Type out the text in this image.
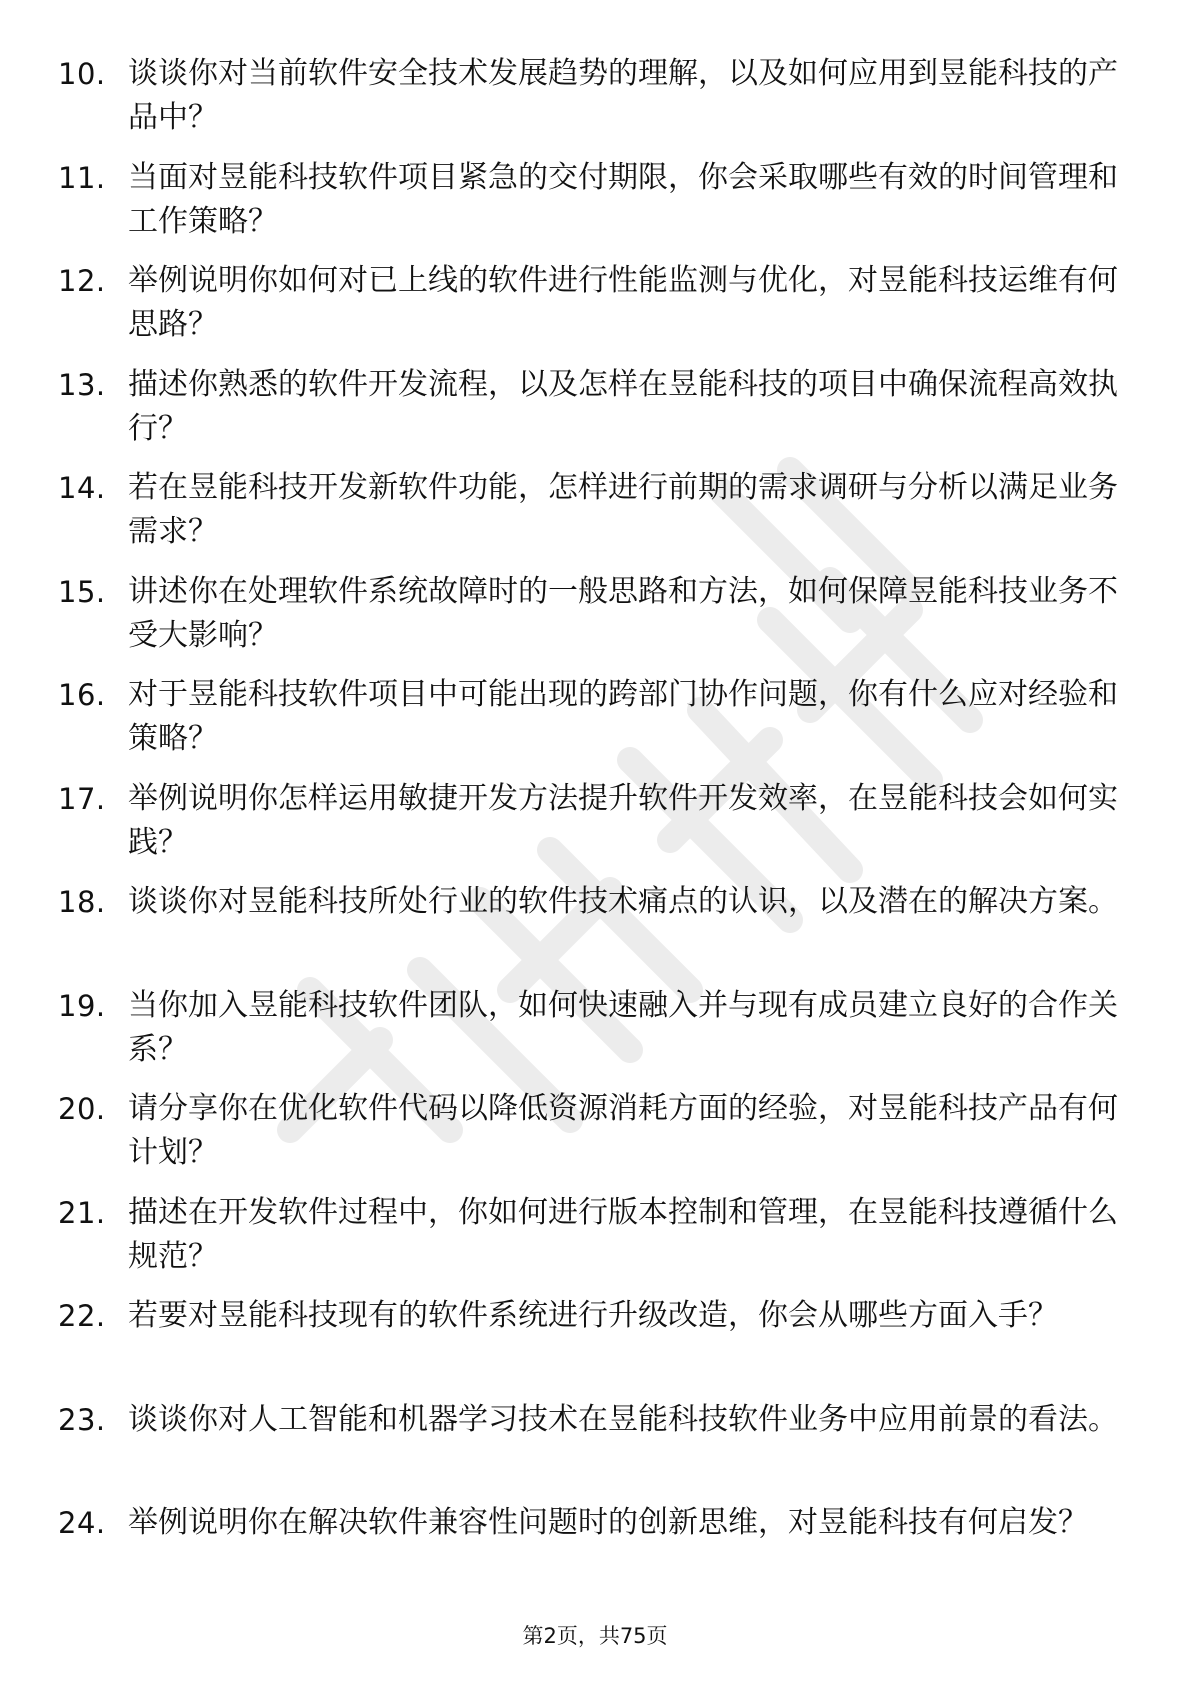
10. 谈谈你对当前软件安全技术发展趋势的理解，以及如何应用到昱能科技的产品中？
11. 当面对昱能科技软件项目紧急的交付期限，你会采取哪些有效的时间管理和工作策略？
12. 举例说明你如何对已上线的软件进行性能监测与优化，对昱能科技运维有何思路？
13. 描述你熟悉的软件开发流程，以及怎样在昱能科技的项目中确保流程高效执行？
14. 若在昱能科技开发新软件功能，怎样进行前期的需求调研与分析以满足业务需求？
15. 讲述你在处理软件系统故障时的一般思路和方法，如何保障昱能科技业务不受大影响？
16. 对于昱能科技软件项目中可能出现的跨部门协作问题，你有什么应对经验和策略？
17. 举例说明你怎样运用敏捷开发方法提升软件开发效率，在昱能科技会如何实践？
18. 谈谈你对昱能科技所处行业的软件技术痛点的认识，以及潜在的解决方案。
19. 当你加入昱能科技软件团队，如何快速融入并与现有成员建立良好的合作关系？
20. 请分享你在优化软件代码以降低资源消耗方面的经验，对昱能科技产品有何计划？
21. 描述在开发软件过程中，你如何进行版本控制和管理，在昱能科技遵循什么规范？
22. 若要对昱能科技现有的软件系统进行升级改造，你会从哪些方面入手？
23. 谈谈你对人工智能和机器学习技术在昱能科技软件业务中应用前景的看法。
24. 举例说明你在解决软件兼容性问题时的创新思维，对昱能科技有何启发？
第2页，共75页
